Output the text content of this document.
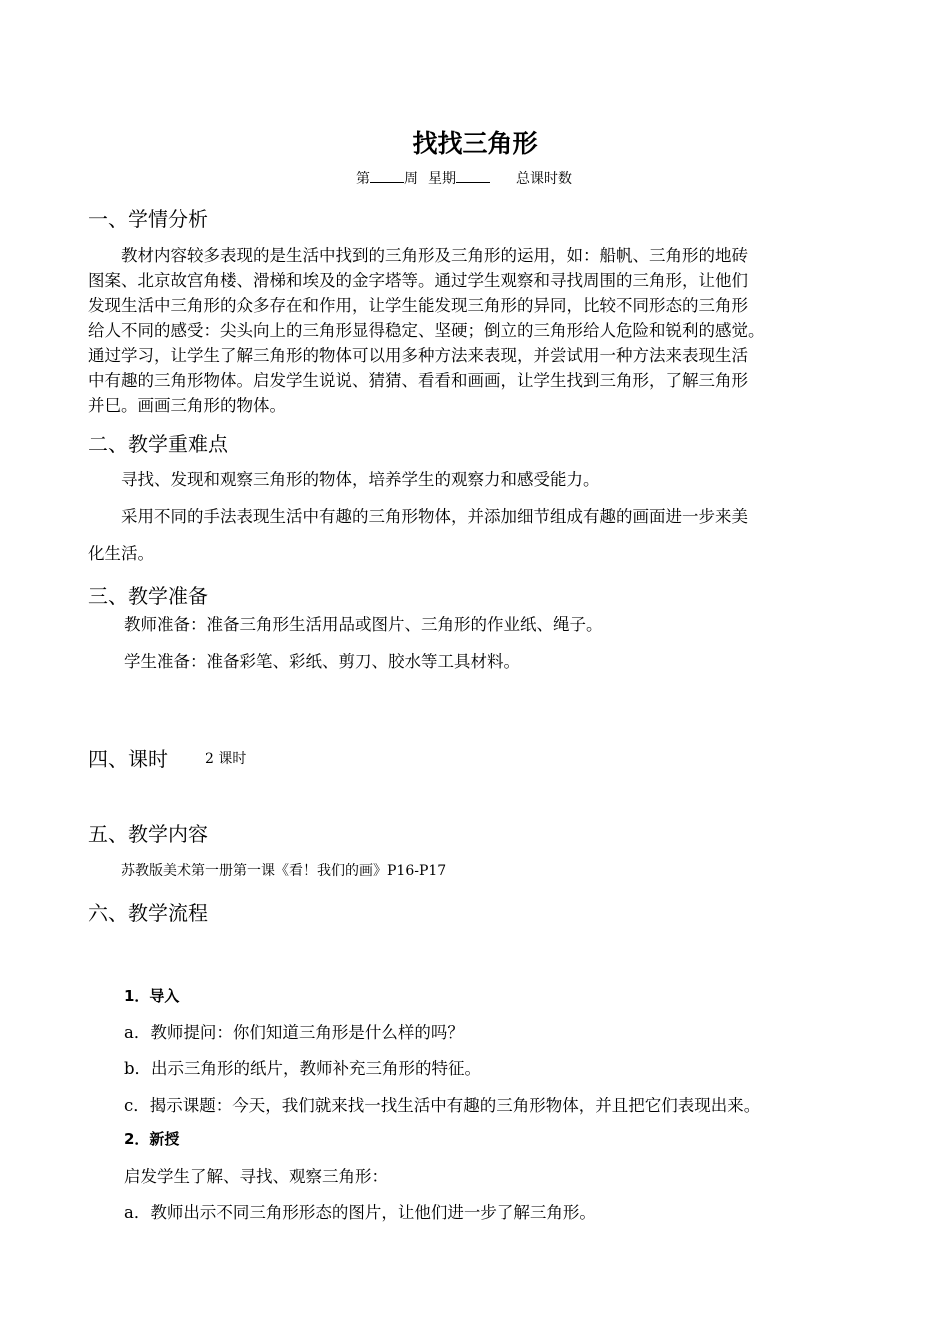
找找三角形
第 周 星期	总课时数
一、学情分析
教材内容较多表现的是生活中找到的三角形及三角形的运用，如：船帆、三角形的地砖
图案、北京故宫角楼、滑梯和埃及的金字塔等。通过学生观察和寻找周围的三角形，让他们
发现生活中三角形的众多存在和作用，让学生能发现三角形的异同，比较不同形态的三角形
给人不同的感受：尖头向上的三角形显得稳定、坚硬；倒立的三角形给人危险和锐利的感觉。
通过学习，让学生了解三角形的物体可以用多种方法来表现，并尝试用一种方法来表现生活
中有趣的三角形物体。启发学生说说、猜猜、看看和画画，让学生找到三角形，了解三角形
并巳。画画三角形的物体。
二、教学重难点
寻找、发现和观察三角形的物体，培养学生的观察力和感受能力。
采用不同的手法表现生活中有趣的三角形物体，并添加细节组成有趣的画面进一步来美
化生活。
三、教学准备
教师准备：准备三角形生活用品或图片、三角形的作业纸、绳子。
学生准备：准备彩笔、彩纸、剪刀、胶水等工具材料。
四、课时	2 课时
五、教学内容
苏教版美术第一册第一课《看！我们的画》P16-P17
六、教学流程
1．导入
a．教师提问：你们知道三角形是什么样的吗？
b．出示三角形的纸片，教师补充三角形的特征。
c．揭示课题：今天，我们就来找一找生活中有趣的三角形物体，并且把它们表现出来。
2．新授
启发学生了解、寻找、观察三角形：
a．教师出示不同三角形形态的图片，让他们进一步了解三角形。
